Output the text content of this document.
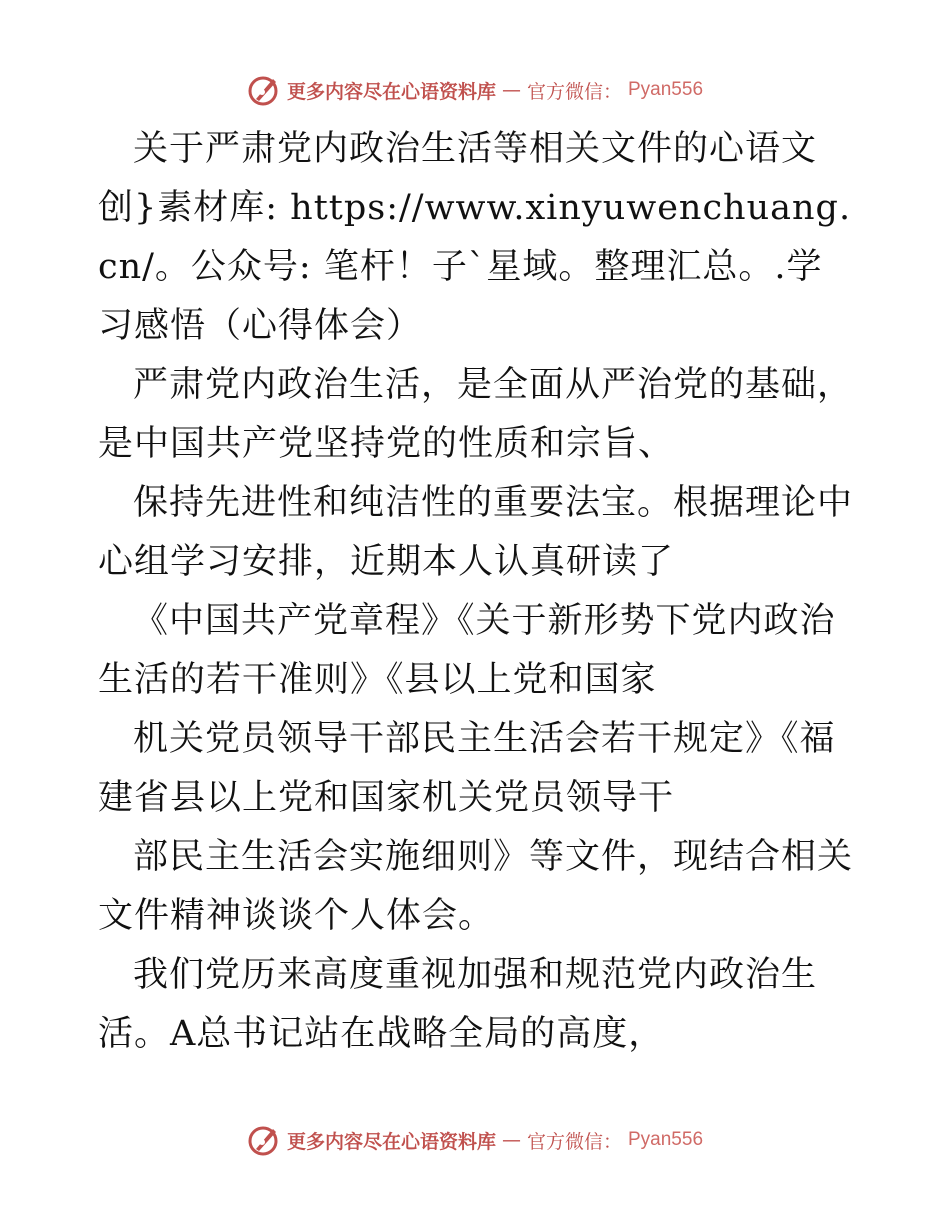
更多内容尽在心语资料库 — 官方微信： Pyan556

关于严肃党内政治生活等相关文件的心语文创}素材库: https://www.xinyuwenchuang.cn/。公众号: 笔杆！子`星域。整理汇总。.学习感悟（心得体会）

严肃党内政治生活，是全面从严治党的基础，是中国共产党坚持党的性质和宗旨、

保持先进性和纯洁性的重要法宝。根据理论中心组学习安排，近期本人认真研读了

《中国共产党章程》《关于新形势下党内政治生活的若干准则》《县以上党和国家

机关党员领导干部民主生活会若干规定》《福建省县以上党和国家机关党员领导干

部民主生活会实施细则》等文件，现结合相关文件精神谈谈个人体会。

我们党历来高度重视加强和规范党内政治生活。A总书记站在战略全局的高度，

更多内容尽在心语资料库 — 官方微信： Pyan556
